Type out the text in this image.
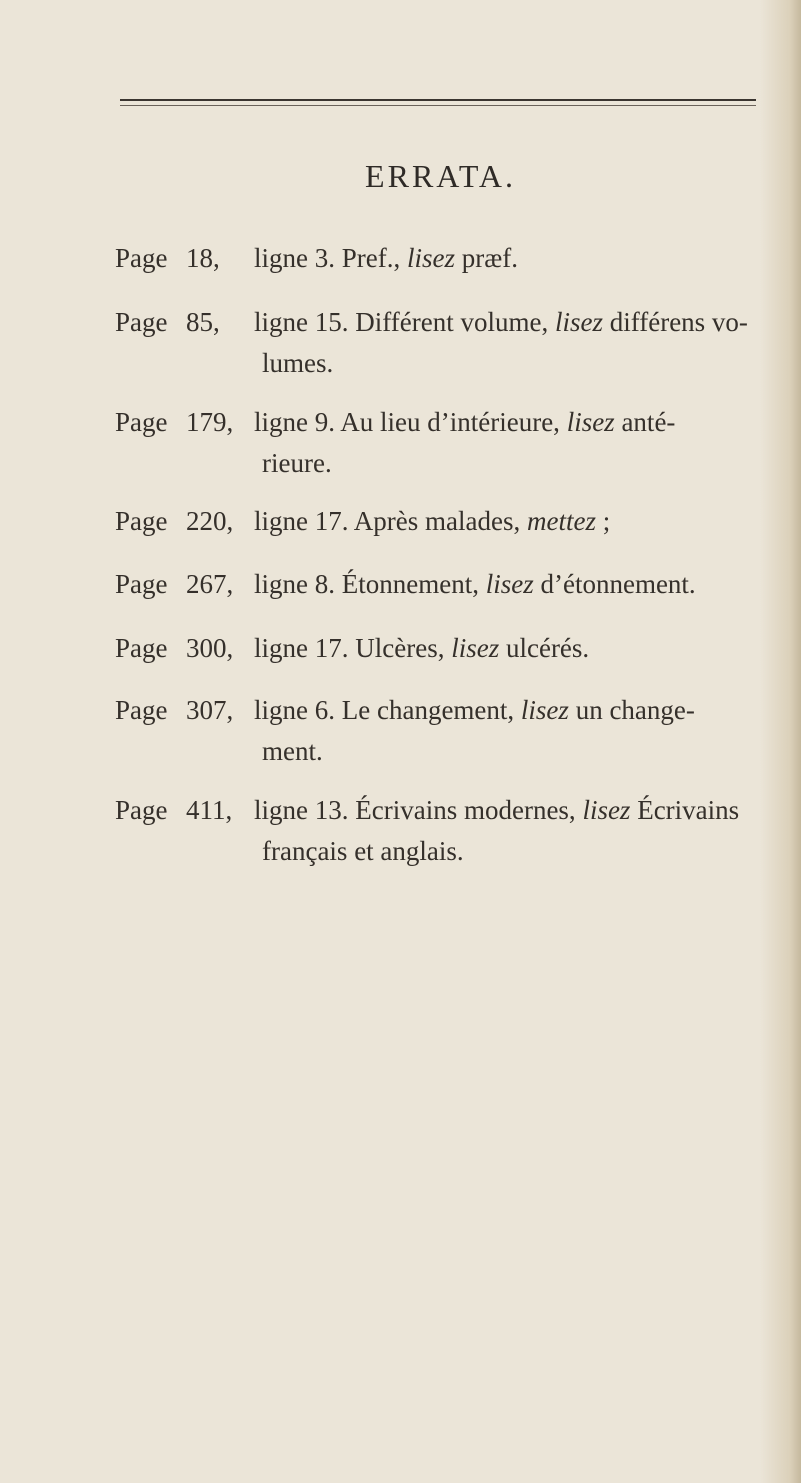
ERRATA.
Page 18, ligne 3. Pref., lisez præf.
Page 85, ligne 15. Différent volume, lisez différens vo-
lumes.
Page 179, ligne 9. Au lieu d’intérieure, lisez anté-
rieure.
Page 220, ligne 17. Après malades, mettez ;
Page 267, ligne 8. Étonnement, lisez d’étonnement.
Page 300, ligne 17. Ulcères, lisez ulcérés.
Page 307, ligne 6. Le changement, lisez un change-
ment.
Page 411, ligne 13. Écrivains modernes, lisez Écrivains
français et anglais.
